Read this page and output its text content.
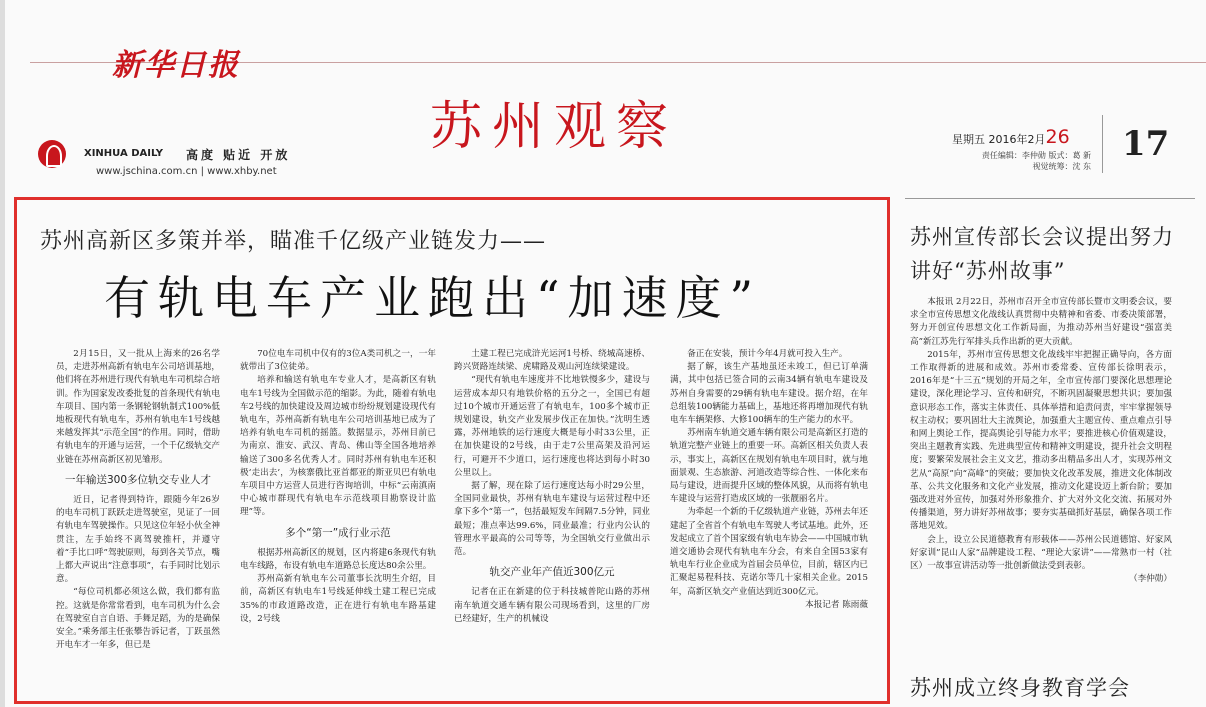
新华日报
XINHUA DAILY 高度 贴近 开放
www.jschina.com.cn | www.xhby.net
苏州观察	星期五 2016年2月26
责任编辑：李仲勋 版式：葛 新
视觉统筹：沈 东
17
苏州高新区多策并举，瞄准千亿级产业链发力——
有轨电车产业跑出“加速度”

2月15日，又一批从上海来的26名学员，走进苏州高新有轨电车公司培训基地，他们将在苏州进行现代有轨电车司机综合培训。作为国家发改委批复的首条现代有轨电车项目、国内第一条钢轮钢轨制式100%低地板现代有轨电车，苏州有轨电车1号线越来越发挥其“示范全国”的作用。同时，借助有轨电车的开通与运营，一个千亿级轨交产业链在苏州高新区初见雏形。

一年输送300多位轨交专业人才

近日，记者得到特许，跟随今年26岁的电车司机丁跃跃走进驾驶室，见证了一回有轨电车驾驶操作。只见这位年轻小伙全神贯注，左手始终不离驾驶推杆，并遵守着“手比口呼”驾驶原则，每到各关节点，嘴上都大声说出“注意事项”，右手同时比划示意。

“每位司机都必须这么做，我们都有监控。这就是你常常看到，电车司机为什么会在驾驶室自言自语、手舞足蹈，为的是确保安全。”乘务部主任张攀告诉记者，丁跃虽然开电车才一年多，但已是

70位电车司机中仅有的3位A类司机之一，一年就带出了3位徒弟。

培养和输送有轨电车专业人才，是高新区有轨电车1号线为全国做示范的缩影。为此，随着有轨电车2号线的加快建设及周边城市纷纷规划建设现代有轨电车，苏州高新有轨电车公司培训基地已成为了培养有轨电车司机的摇篮。数据显示，苏州目前已为南京、淮安、武汉、青岛、佛山等全国各地培养输送了300多名优秀人才。同时苏州有轨电车还积极‘走出去’，为核寨俄比亚首都亚的斯亚贝巴有轨电车项目中方运营人员进行咨询培训，中标“云南滇南中心城市群现代有轨电车示范线项目勘察设计监理”等。

多个“第一”成行业示范

根据苏州高新区的规划，区内将建6条现代有轨电车线路，布设有轨电车道路总长度达80余公里。

苏州高新有轨电车公司董事长沈明生介绍，目前，高新区有轨电车1号线延伸线土建工程已完成35%的市政道路改造，正在进行有轨电车路基建设，2号线

土建工程已完成浒光运河1号桥、绕城高速桥、跨兴贤路连续梁、虎啸路及观山河连续梁建设。

“现代有轨电车速度并不比地铁慢多少，建设与运营成本却只有地铁价格的五分之一，全国已有超过10个城市开通运营了有轨电车，100多个城市正规划建设，轨交产业发展步伐正在加快。”沈明生透露，苏州地铁的运行速度大概是每小时33公里，正在加快建设的2号线，由于走7公里高架及沿河运行，可避开不少道口，运行速度也将达到每小时30公里以上。

据了解，现在除了运行速度达每小时29公里，全国同业最快，苏州有轨电车建设与运营过程中还拿下多个“第一”，包括最短发车间隔7.5分钟，同业最短；准点率达99.6%，同业最准；行业内公认的管理水平最高的公司等等，为全国轨交行业做出示范。

轨交产业年产值近300亿元

记者在正在新建的位于科技城普陀山路的苏州南车轨道交通车辆有限公司现场看到，这里的厂房已经建好，生产的机械设

备正在安装，预计今年4月就可投入生产。

据了解，该生产基地虽还未竣工，但已订单满满，其中包括已签合同的云南34辆有轨电车建设及苏州自身需要的29辆有轨电车建设。据介绍，在年总组装100辆能力基础上，基地还将再增加现代有轨电车车辆架修、大修100辆车的生产能力的水平。

苏州南车轨道交通车辆有限公司是高新区打造的轨道完整产业链上的重要一环。高新区相关负责人表示，事实上，高新区在规划有轨电车项目时，就与地面景观、生态旅游、河道改造等综合性、一体化来布局与建设，进而提升区域的整体风貌，从而将有轨电车建设与运营打造成区域的一张靓丽名片。

为牵起一个新的千亿级轨道产业链，苏州去年还建起了全省首个有轨电车驾驶人考试基地。此外，还发起成立了首个国家级有轨电车协会——中国城市轨道交通协会现代有轨电车分会，有来自全国53家有轨电车行业企业成为首届会员单位，目前，辖区内已汇聚起易程科技、克诺尔等几十家相关企业。2015年，高新区轨交产业值达到近300亿元。

本报记者 陈雨薇

苏州宣传部长会议提出努力讲好“苏州故事”

本报讯 2月22日，苏州市召开全市宣传部长暨市文明委会议，要求全市宣传思想文化战线认真贯彻中央精神和省委、市委决策部署，努力开创宣传思想文化工作新局面，为推动苏州当好建设“强富美高”新江苏先行军排头兵作出新的更大贡献。

2015年，苏州市宣传思想文化战线牢牢把握正确导向，各方面工作取得新的进展和成效。苏州市委常委、宣传部长徐明表示，2016年是“十三五”规划的开局之年，全市宣传部门要深化思想理论建设，深化理论学习、宣传和研究，不断巩固凝聚思想共识；要加强意识形态工作，落实主体责任、具体举措和追责问责，牢牢掌握领导权主动权；要巩固壮大主流舆论，加强重大主题宣传、重点难点引导和网上舆论工作，提高舆论引导能力水平；要推进核心价值观建设，突出主题教育实践、先进典型宣传和精神文明建设，提升社会文明程度；要繁荣发展社会主义文艺，推动多出精品多出人才，实现苏州文艺从“高原”向“高峰”的突破；要加快文化改革发展，推进文化体制改革、公共文化服务和文化产业发展，推动文化建设迈上新台阶；要加强改进对外宣传，加强对外形象推介、扩大对外文化交流、拓展对外传播渠道，努力讲好苏州故事；要夯实基础抓好基层，确保各项工作落地见效。

会上，设立公民道德教育有形载体——苏州公民道德馆、好家风好家训”昆山人家“品牌建设工程、“理论大家讲”——常熟市一村（社区）一故事宣讲活动等一批创新做法受到表彰。

（李仲勋）

苏州成立终身教育学会
